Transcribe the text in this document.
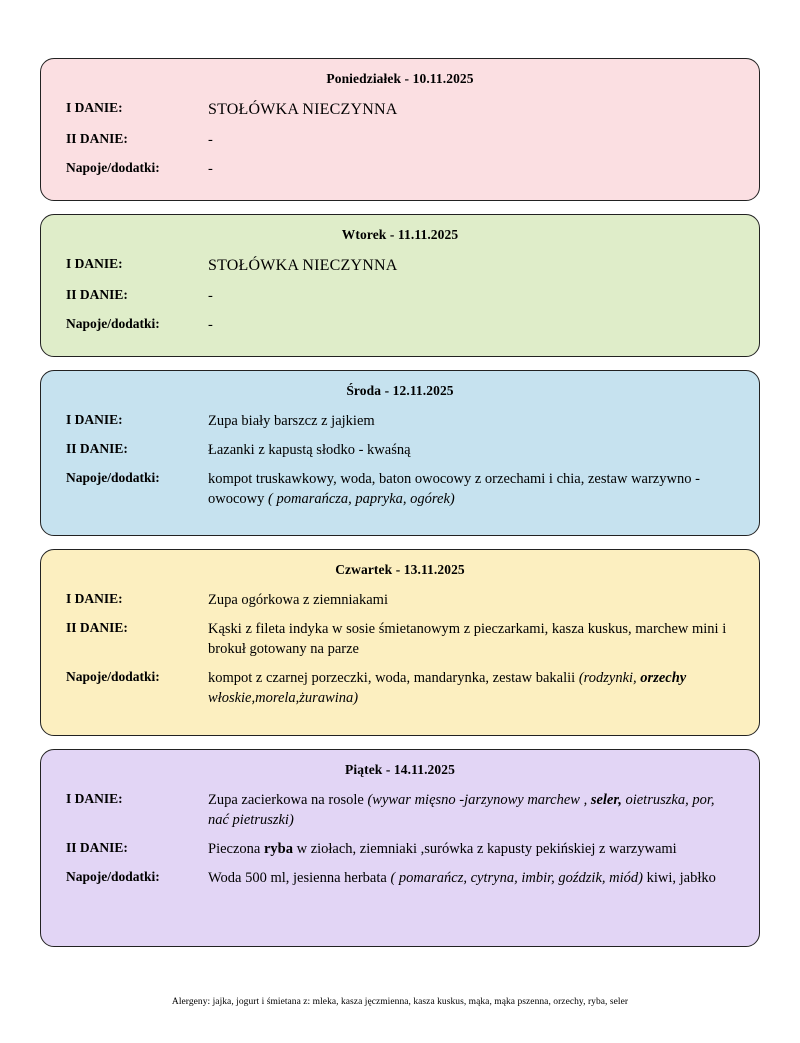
Poniedziałek - 10.11.2025
I DANIE:	STOŁÓWKA NIECZYNNA
II DANIE:	-
Napoje/dodatki:	-
Wtorek - 11.11.2025
I DANIE:	STOŁÓWKA NIECZYNNA
II DANIE:	-
Napoje/dodatki:	-
Środa - 12.11.2025
I DANIE:	Zupa biały barszcz z jajkiem
II DANIE:	Łazanki z kapustą słodko - kwaśną
Napoje/dodatki:	kompot truskawkowy, woda, baton owocowy z orzechami i chia, zestaw warzywno -owocowy ( pomarańcza, papryka, ogórek)
Czwartek - 13.11.2025
I DANIE:	Zupa ogórkowa z ziemniakami
II DANIE:	Kąski z fileta indyka w sosie śmietanowym z pieczarkami, kasza kuskus, marchew mini i brokuł gotowany na parze
Napoje/dodatki:	kompot z czarnej porzeczki, woda, mandarynka, zestaw bakalii (rodzynki, orzechy włoskie,morela,żurawina)
Piątek - 14.11.2025
I DANIE:	Zupa zacierkowa na rosole (wywar mięsno -jarzynowy marchew , seler, oietruszka, por, nać pietruszki)
II DANIE:	Pieczona ryba w ziołach, ziemniaki ,surówka z kapusty pekińskiej z warzywami
Napoje/dodatki:	Woda 500 ml, jesienna herbata ( pomarańcz, cytryna, imbir, goździk, miód) kiwi, jabłko
Alergeny: jajka, jogurt i śmietana z: mleka, kasza jęczmienna, kasza kuskus, mąka, mąka pszenna, orzechy, ryba, seler
